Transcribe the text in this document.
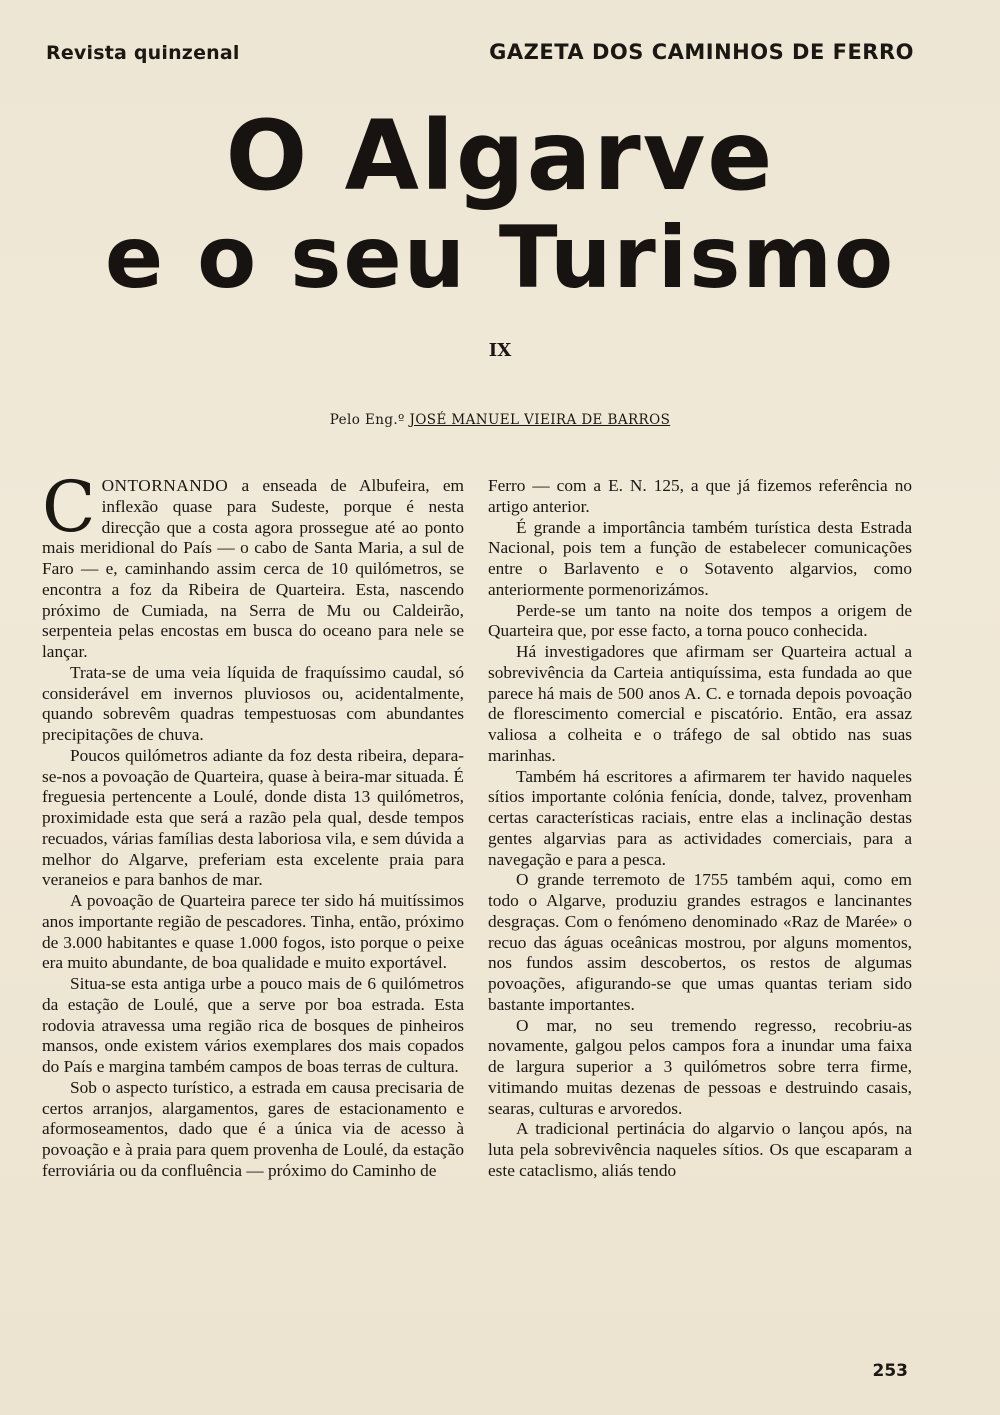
Revista quinzenal	GAZETA DOS CAMINHOS DE FERRO
O Algarve
e o seu Turismo
IX
Pelo Eng.º JOSÉ MANUEL VIEIRA DE BARROS

CONTORNANDO a enseada de Albufeira, em inflexão quase para Sudeste, porque é nesta direcção que a costa agora prossegue até ao ponto mais meridional do País — o cabo de Santa Maria, a sul de Faro — e, caminhando assim cerca de 10 quilómetros, se encontra a foz da Ribeira de Quarteira. Esta, nascendo próximo de Cumiada, na Serra de Mu ou Caldeirão, serpenteia pelas encostas em busca do oceano para nele se lançar.

Trata-se de uma veia líquida de fraquíssimo caudal, só considerável em invernos pluviosos ou, acidentalmente, quando sobrevêm quadras tempestuosas com abundantes precipitações de chuva.

Poucos quilómetros adiante da foz desta ribeira, depara-se-nos a povoação de Quarteira, quase à beira-mar situada. É freguesia pertencente a Loulé, donde dista 13 quilómetros, proximidade esta que será a razão pela qual, desde tempos recuados, várias famílias desta laboriosa vila, e sem dúvida a melhor do Algarve, preferiam esta excelente praia para veraneios e para banhos de mar.

A povoação de Quarteira parece ter sido há muitíssimos anos importante região de pescadores. Tinha, então, próximo de 3.000 habitantes e quase 1.000 fogos, isto porque o peixe era muito abundante, de boa qualidade e muito exportável.

Situa-se esta antiga urbe a pouco mais de 6 quilómetros da estação de Loulé, que a serve por boa estrada. Esta rodovia atravessa uma região rica de bosques de pinheiros mansos, onde existem vários exemplares dos mais copados do País e margina também campos de boas terras de cultura.

Sob o aspecto turístico, a estrada em causa precisaria de certos arranjos, alargamentos, gares de estacionamento e aformoseamentos, dado que é a única via de acesso à povoação e à praia para quem provenha de Loulé, da estação ferroviária ou da confluência — próximo do Caminho de

Ferro — com a E. N. 125, a que já fizemos referência no artigo anterior.

É grande a importância também turística desta Estrada Nacional, pois tem a função de estabelecer comunicações entre o Barlavento e o Sotavento algarvios, como anteriormente pormenorizámos.

Perde-se um tanto na noite dos tempos a origem de Quarteira que, por esse facto, a torna pouco conhecida.

Há investigadores que afirmam ser Quarteira actual a sobrevivência da Carteia antiquíssima, esta fundada ao que parece há mais de 500 anos A. C. e tornada depois povoação de florescimento comercial e piscatório. Então, era assaz valiosa a colheita e o tráfego de sal obtido nas suas marinhas.

Também há escritores a afirmarem ter havido naqueles sítios importante colónia fenícia, donde, talvez, provenham certas características raciais, entre elas a inclinação destas gentes algarvias para as actividades comerciais, para a navegação e para a pesca.

O grande terremoto de 1755 também aqui, como em todo o Algarve, produziu grandes estragos e lancinantes desgraças. Com o fenómeno denominado «Raz de Marée» o recuo das águas oceânicas mostrou, por alguns momentos, nos fundos assim descobertos, os restos de algumas povoações, afigurando-se que umas quantas teriam sido bastante importantes.

O mar, no seu tremendo regresso, recobriu-as novamente, galgou pelos campos fora a inundar uma faixa de largura superior a 3 quilómetros sobre terra firme, vitimando muitas dezenas de pessoas e destruindo casais, searas, culturas e arvoredos.

A tradicional pertinácia do algarvio o lançou após, na luta pela sobrevivência naqueles sítios. Os que escaparam a este cataclismo, aliás tendo

253
